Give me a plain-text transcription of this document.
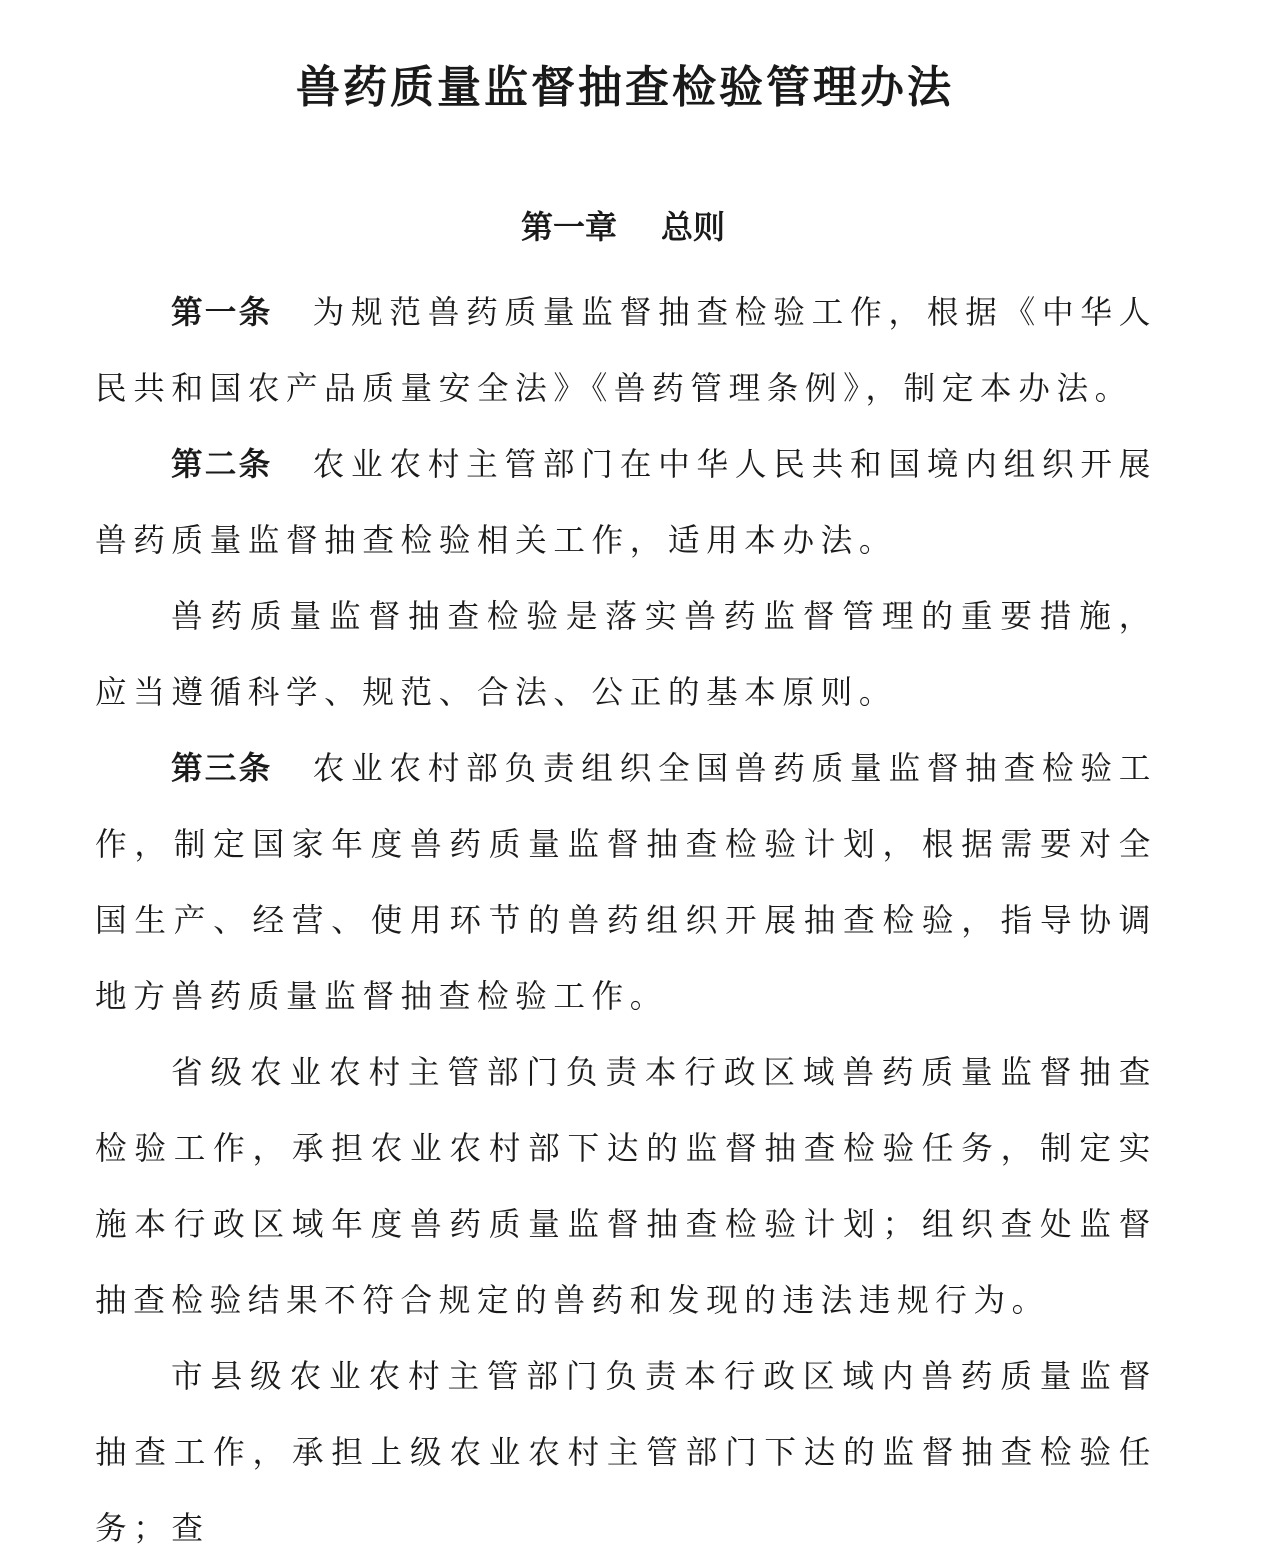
兽药质量监督抽查检验管理办法
第一章 总则

第一条 为规范兽药质量监督抽查检验工作，根据《中华人民共和国农产品质量安全法》《兽药管理条例》，制定本办法。

第二条 农业农村主管部门在中华人民共和国境内组织开展兽药质量监督抽查检验相关工作，适用本办法。

兽药质量监督抽查检验是落实兽药监督管理的重要措施，应当遵循科学、规范、合法、公正的基本原则。

第三条 农业农村部负责组织全国兽药质量监督抽查检验工作，制定国家年度兽药质量监督抽查检验计划，根据需要对全国生产、经营、使用环节的兽药组织开展抽查检验，指导协调地方兽药质量监督抽查检验工作。

省级农业农村主管部门负责本行政区域兽药质量监督抽查检验工作，承担农业农村部下达的监督抽查检验任务，制定实施本行政区域年度兽药质量监督抽查检验计划；组织查处监督抽查检验结果不符合规定的兽药和发现的违法违规行为。

市县级农业农村主管部门负责本行政区域内兽药质量监督抽查工作，承担上级农业农村主管部门下达的监督抽查检验任务；查
